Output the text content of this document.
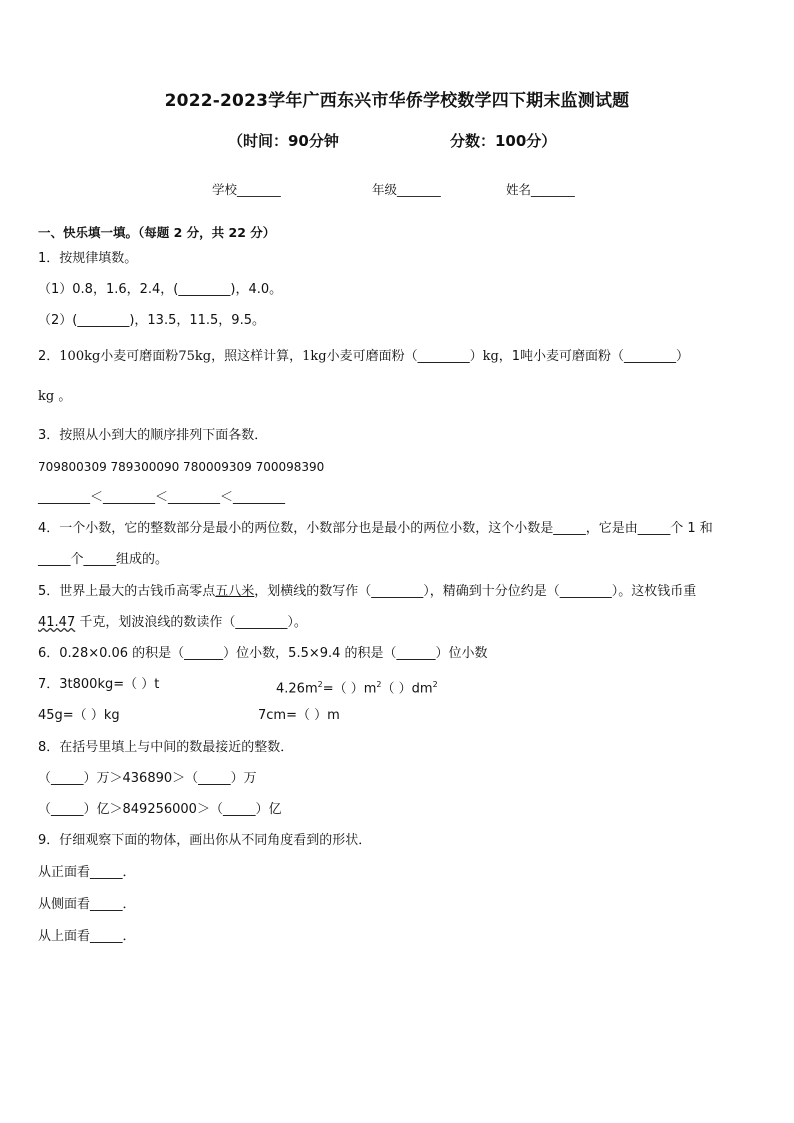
2022-2023学年广西东兴市华侨学校数学四下期末监测试题
（时间：90分钟	分数：100分）
学校_______	年级_______	姓名_______
一、快乐填一填。（每题 2 分，共 22 分）
1．按规律填数。
（1）0.8，1.6，2.4，(________)，4.0。
（2）(________)，13.5，11.5，9.5。
2．100kg小麦可磨面粉75kg，照这样计算，1kg小麦可磨面粉（________）kg，1吨小麦可磨面粉（________）
kg 。
3．按照从小到大的顺序排列下面各数．
709800309 789300090 780009309 700098390
________＜________＜________＜________
4．一个小数，它的整数部分是最小的两位数，小数部分也是最小的两位小数，这个小数是_____，它是由_____个 1 和
_____个_____组成的。
5．世界上最大的古钱币高零点五八米，划横线的数写作（________），精确到十分位约是（________）。这枚钱币重
41.47 千克，划波浪线的数读作（________）。
6．0.28×0.06 的积是（______）位小数，5.5×9.4 的积是（______）位小数
7．3t800kg=（ ）t	$4.26m^2=$（ ）$m^2$（ ）$dm^2$
45g=（ ）kg	7cm=（ ）m
8．在括号里填上与中间的数最接近的整数．
（_____）万＞436890＞（_____）万
（_____）亿＞849256000＞（_____）亿
9．仔细观察下面的物体，画出你从不同角度看到的形状．
从正面看_____．
从侧面看_____．
从上面看_____．
